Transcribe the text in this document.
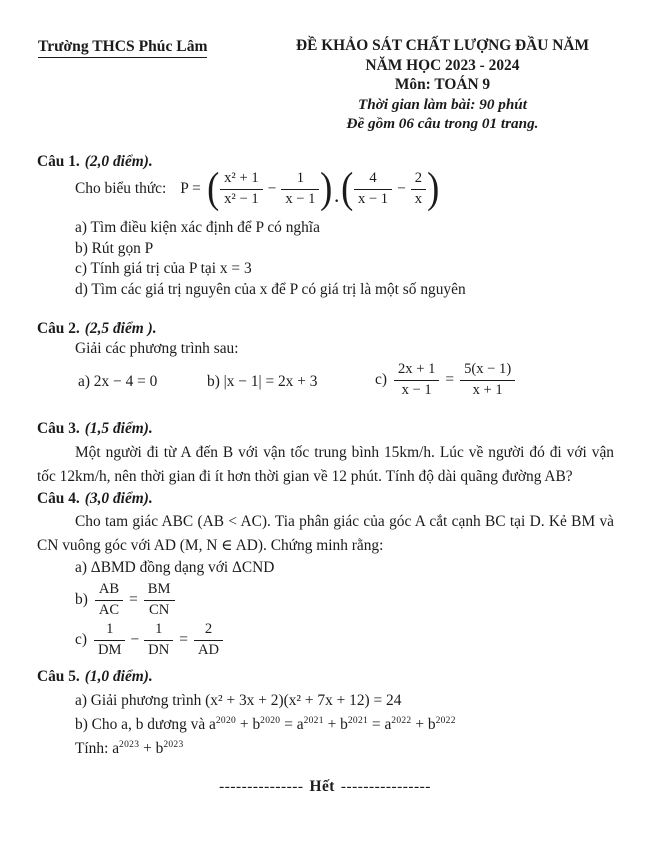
Trường THCS Phúc Lâm	ĐỀ KHẢO SÁT CHẤT LƯỢNG ĐẦU NĂM
NĂM HỌC 2023 - 2024
Môn: TOÁN 9
Thời gian làm bài: 90 phút
Đề gồm 06 câu trong 01 trang.
Câu 1. (2,0 điểm).
Cho biểu thức: P = ( $\frac{\text{x² + 1}}{\text{x² − 1}} - \frac{1}{x - 1}$ ) . ( $\frac{4}{x - 1} - \frac{2}{x}$ )
a) Tìm điều kiện xác định để P có nghĩa
b) Rút gọn P
c) Tính giá trị của P tại x = 3
d) Tìm các giá trị nguyên của x để P có giá trị là một số nguyên
Câu 2. (2,5 điểm ).
Giải các phương trình sau:
a) 2x − 4 = 0	b) |x − 1| = 2x + 3	$c) \frac{2x + 1}{x - 1} = \frac{5(x - 1)}{x + 1}$
Câu 3. (1,5 điểm).
Một người đi từ A đến B với vận tốc trung bình 15km/h. Lúc về người đó đi với vận tốc 12km/h, nên thời gian đi ít hơn thời gian về 12 phút. Tính độ dài quãng đường AB?
Câu 4. (3,0 điểm).
Cho tam giác ABC (AB < AC). Tia phân giác của góc A cắt cạnh BC tại D. Kẻ BM và CN vuông góc với AD (M, N ∈ AD). Chứng minh rằng:
a) ΔBMD đồng dạng với ΔCND
$b) \frac{AB}{AC} = \frac{BM}{CN}$
$c) \frac{1}{DM} - \frac{1}{DN} = \frac{2}{AD}$
Câu 5. (1,0 điểm).
a) Giải phương trình (x² + 3x + 2)(x² + 7x + 12) = 24
b) Cho a, b dương và $a^{2020} + b^{2020} = a^{2021} + b^{2021} = a^{2022} + b^{2022}$
Tính: $a^{2023} + b^{2023}$
--------------- Hết ----------------
